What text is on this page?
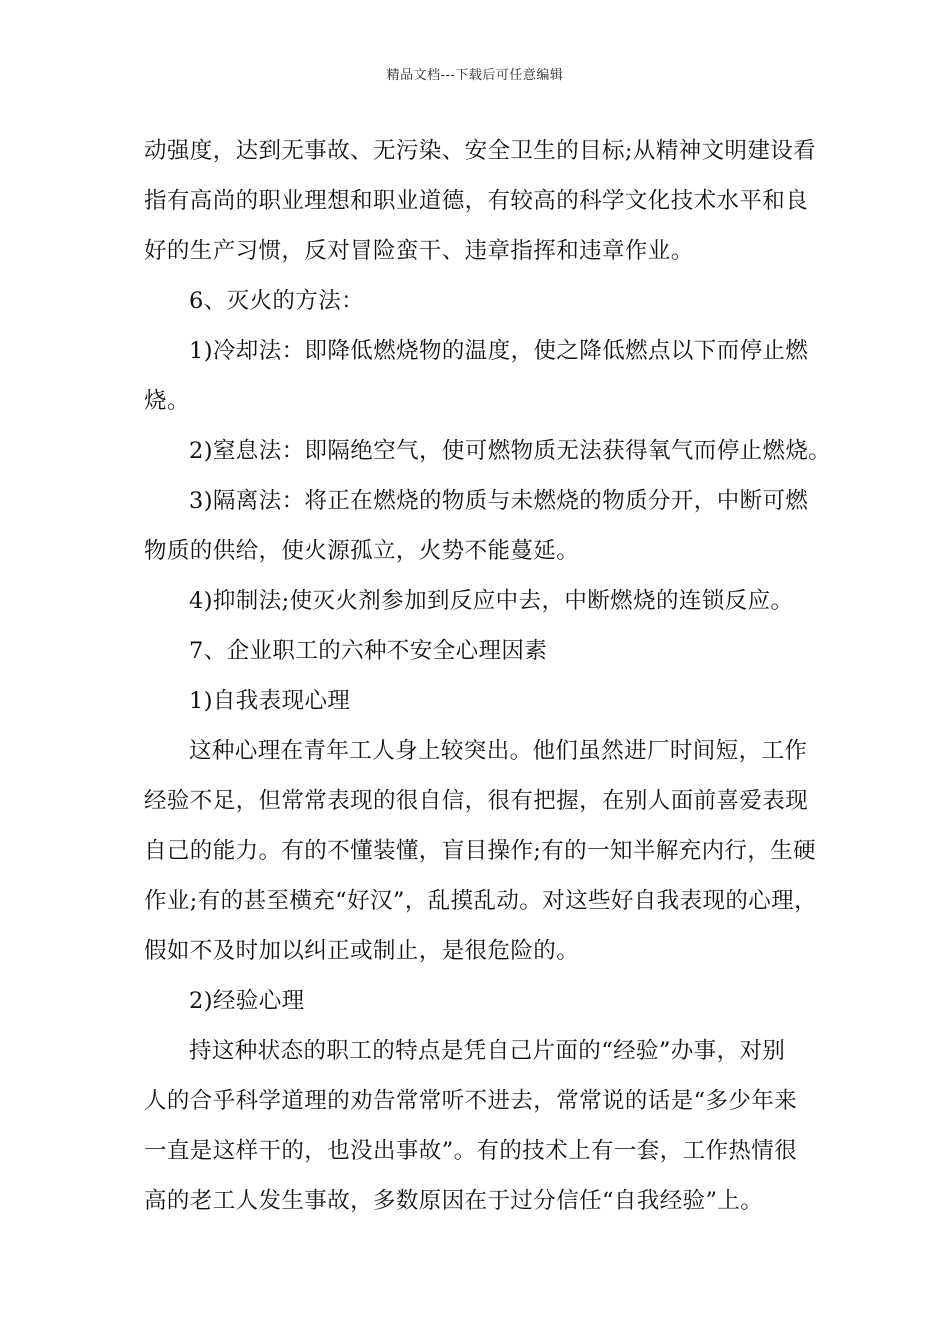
精品文档---下载后可任意编辑
动强度，达到无事故、无污染、安全卫生的目标;从精神文明建设看
指有高尚的职业理想和职业道德，有较高的科学文化技术水平和良
好的生产习惯，反对冒险蛮干、违章指挥和违章作业。
6、灭火的方法：
1)冷却法：即降低燃烧物的温度，使之降低燃点以下而停止燃
烧。
2)窒息法：即隔绝空气，使可燃物质无法获得氧气而停止燃烧。
3)隔离法：将正在燃烧的物质与未燃烧的物质分开，中断可燃
物质的供给，使火源孤立，火势不能蔓延。
4)抑制法;使灭火剂参加到反应中去，中断燃烧的连锁反应。
7、企业职工的六种不安全心理因素
1)自我表现心理
这种心理在青年工人身上较突出。他们虽然进厂时间短，工作
经验不足，但常常表现的很自信，很有把握，在别人面前喜爱表现
自己的能力。有的不懂装懂，盲目操作;有的一知半解充内行，生硬
作业;有的甚至横充“好汉”，乱摸乱动。对这些好自我表现的心理，
假如不及时加以纠正或制止，是很危险的。
2)经验心理
持这种状态的职工的特点是凭自己片面的“经验”办事，对别
人的合乎科学道理的劝告常常听不进去，常常说的话是“多少年来
一直是这样干的，也没出事故”。有的技术上有一套，工作热情很
高的老工人发生事故，多数原因在于过分信任“自我经验”上。
